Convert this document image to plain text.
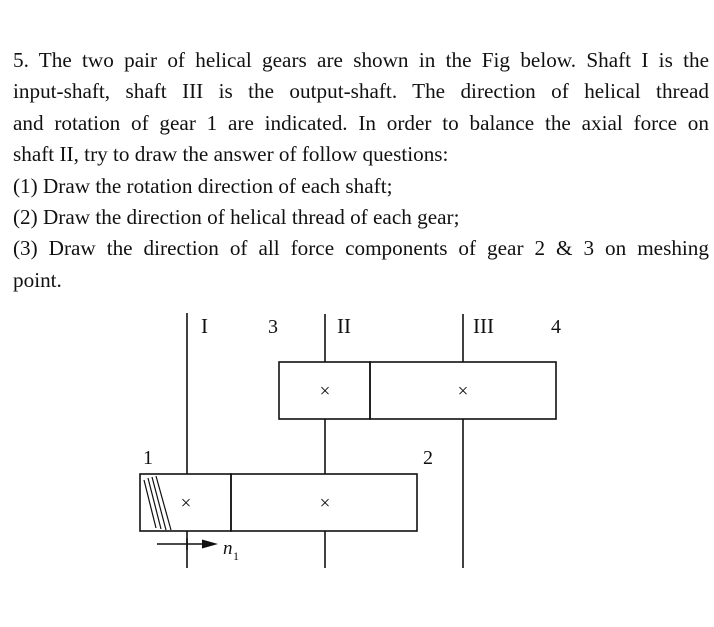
5. The two pair of helical gears are shown in the Fig below. Shaft I is the

input-shaft, shaft III is the output-shaft. The direction of helical thread

and rotation of gear 1 are indicated. In order to balance the axial force on

shaft II, try to draw the answer of follow questions:

(1) Draw the rotation direction of each shaft;

(2) Draw the direction of helical thread of each gear;

(3) Draw the direction of all force components of gear 2 & 3 on meshing

point.

I	II	III
1	2
3	4
×	×
×	×
n 1
